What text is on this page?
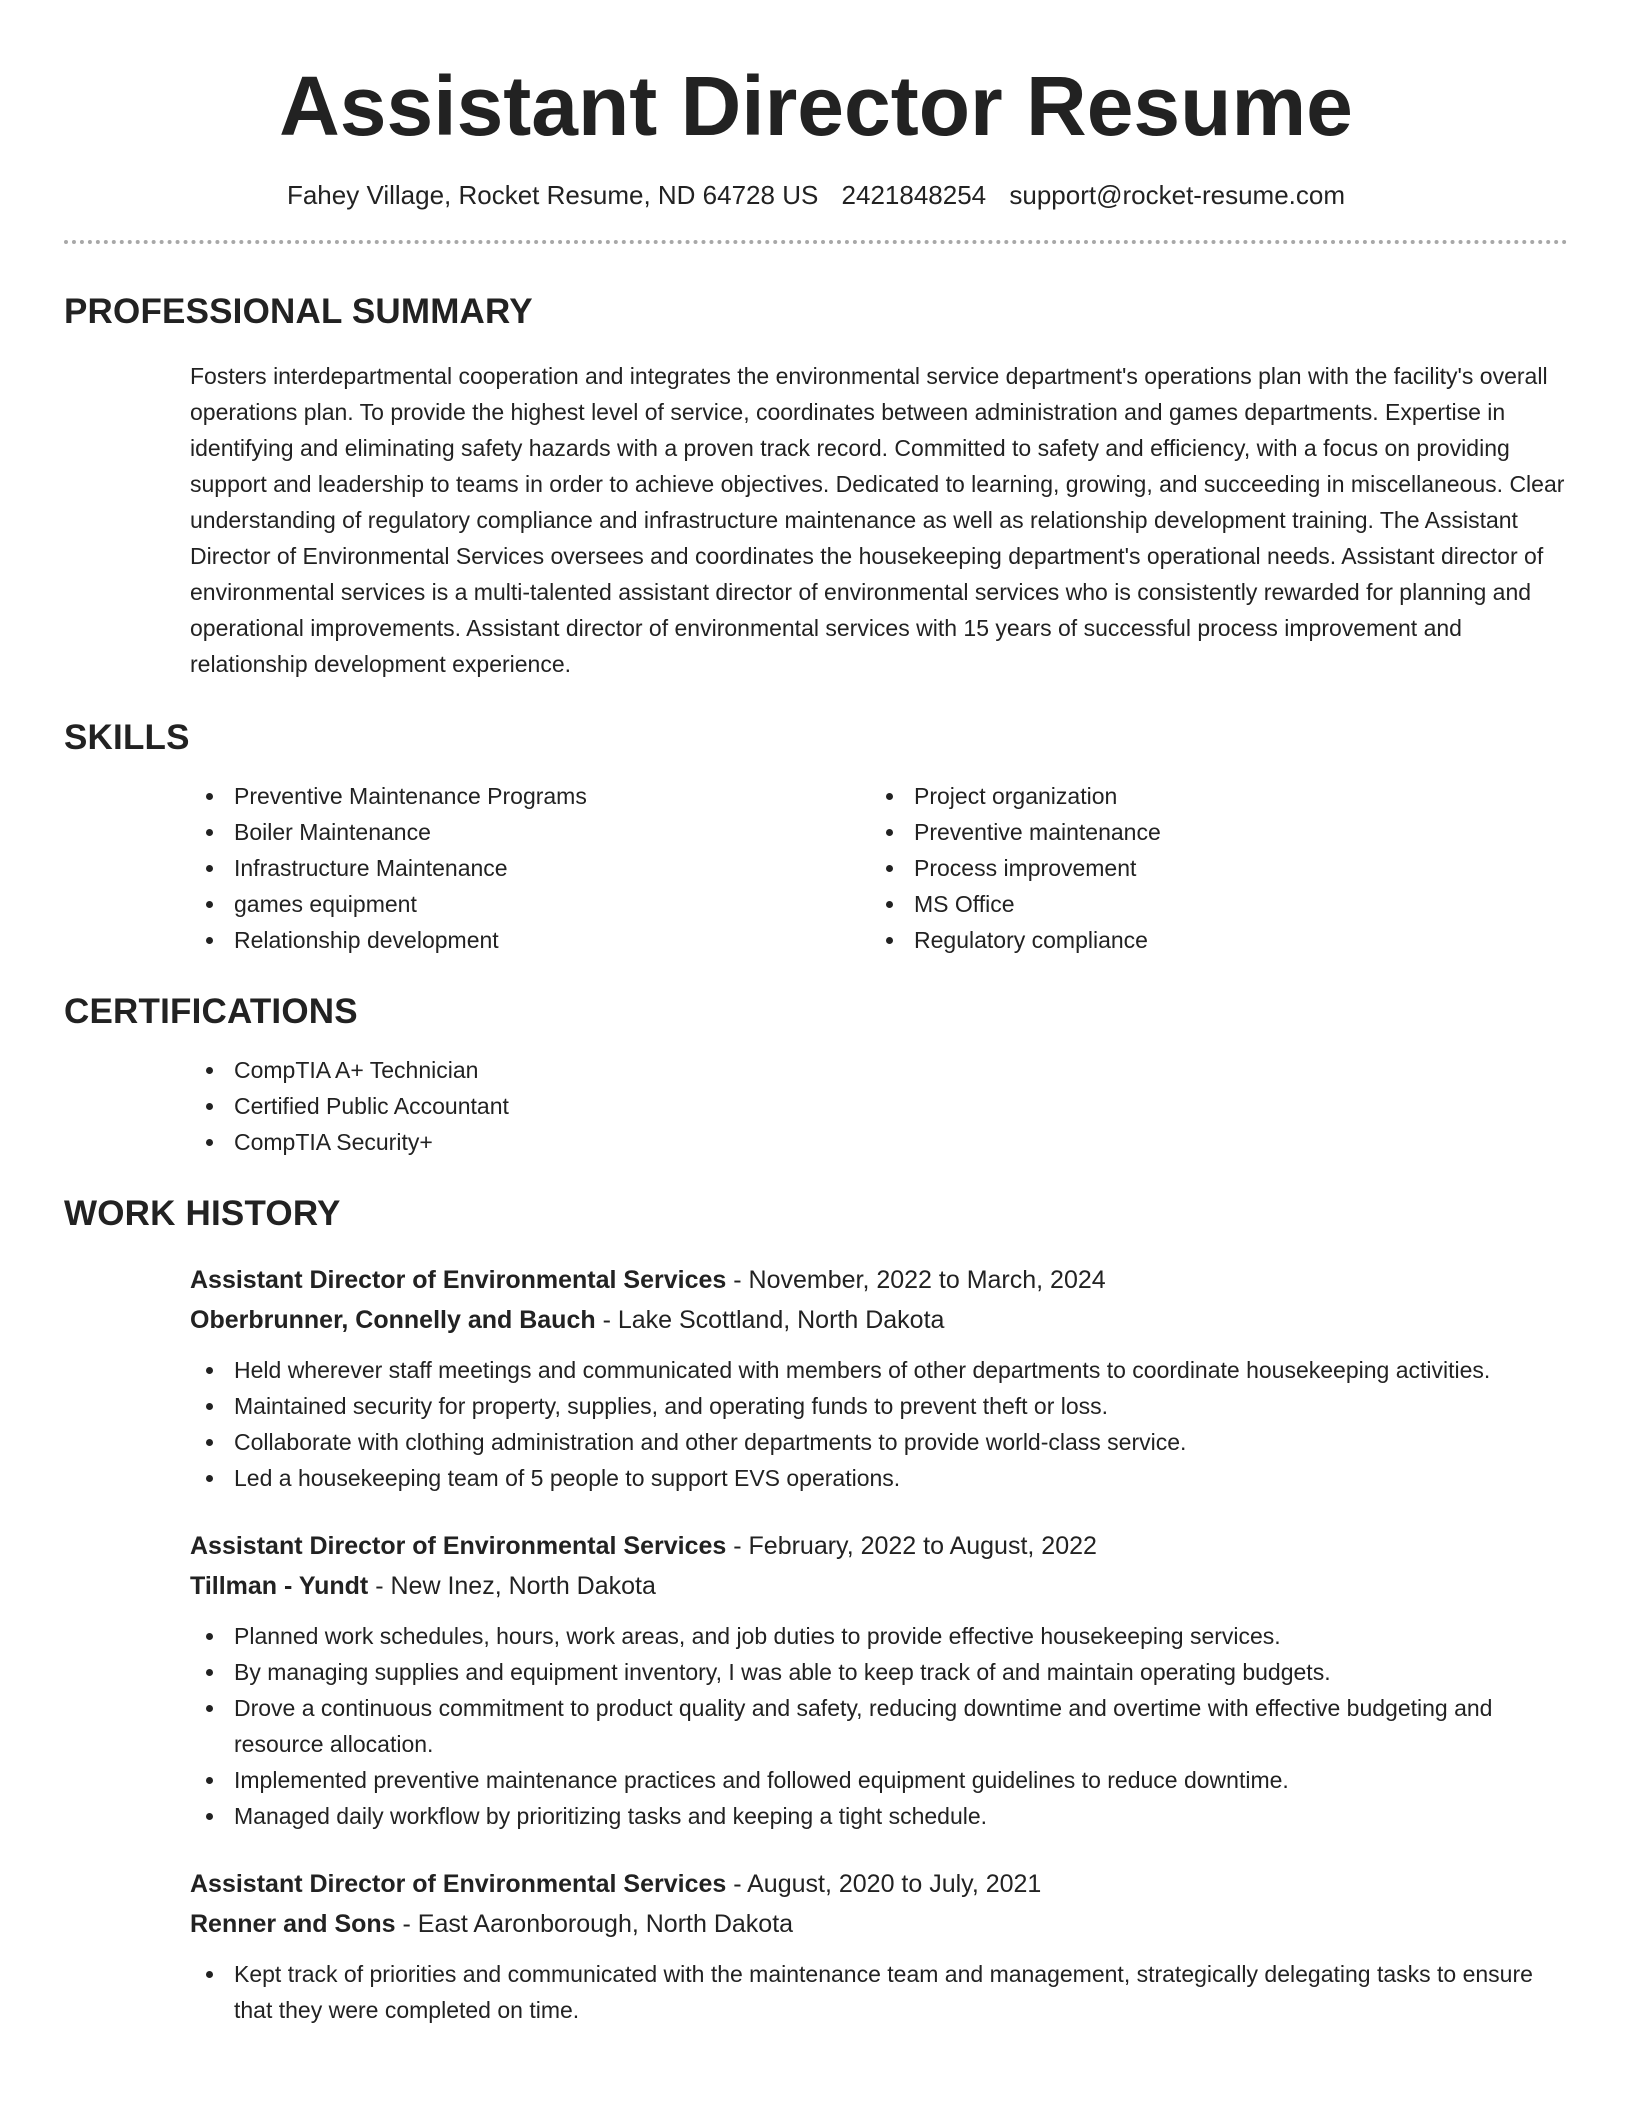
Assistant Director Resume
Fahey Village, Rocket Resume, ND 64728 US 2421848254 support@rocket-resume.com
PROFESSIONAL SUMMARY

Fosters interdepartmental cooperation and integrates the environmental service department's operations plan with the facility's overall operations plan. To provide the highest level of service, coordinates between administration and games departments. Expertise in identifying and eliminating safety hazards with a proven track record. Committed to safety and efficiency, with a focus on providing support and leadership to teams in order to achieve objectives. Dedicated to learning, growing, and succeeding in miscellaneous. Clear understanding of regulatory compliance and infrastructure maintenance as well as relationship development training. The Assistant Director of Environmental Services oversees and coordinates the housekeeping department's operational needs. Assistant director of environmental services is a multi-talented assistant director of environmental services who is consistently rewarded for planning and operational improvements. Assistant director of environmental services with 15 years of successful process improvement and relationship development experience.

SKILLS
Preventive Maintenance Programs
Boiler Maintenance
Infrastructure Maintenance
games equipment
Relationship development
Project organization
Preventive maintenance
Process improvement
MS Office
Regulatory compliance
CERTIFICATIONS
CompTIA A+ Technician
Certified Public Accountant
CompTIA Security+
WORK HISTORY
Assistant Director of Environmental Services - November, 2022 to March, 2024
Oberbrunner, Connelly and Bauch - Lake Scottland, North Dakota
Held wherever staff meetings and communicated with members of other departments to coordinate housekeeping activities.
Maintained security for property, supplies, and operating funds to prevent theft or loss.
Collaborate with clothing administration and other departments to provide world-class service.
Led a housekeeping team of 5 people to support EVS operations.
Assistant Director of Environmental Services - February, 2022 to August, 2022
Tillman - Yundt - New Inez, North Dakota
Planned work schedules, hours, work areas, and job duties to provide effective housekeeping services.
By managing supplies and equipment inventory, I was able to keep track of and maintain operating budgets.
Drove a continuous commitment to product quality and safety, reducing downtime and overtime with effective budgeting and resource allocation.
Implemented preventive maintenance practices and followed equipment guidelines to reduce downtime.
Managed daily workflow by prioritizing tasks and keeping a tight schedule.
Assistant Director of Environmental Services - August, 2020 to July, 2021
Renner and Sons - East Aaronborough, North Dakota
Kept track of priorities and communicated with the maintenance team and management, strategically delegating tasks to ensure that they were completed on time.
